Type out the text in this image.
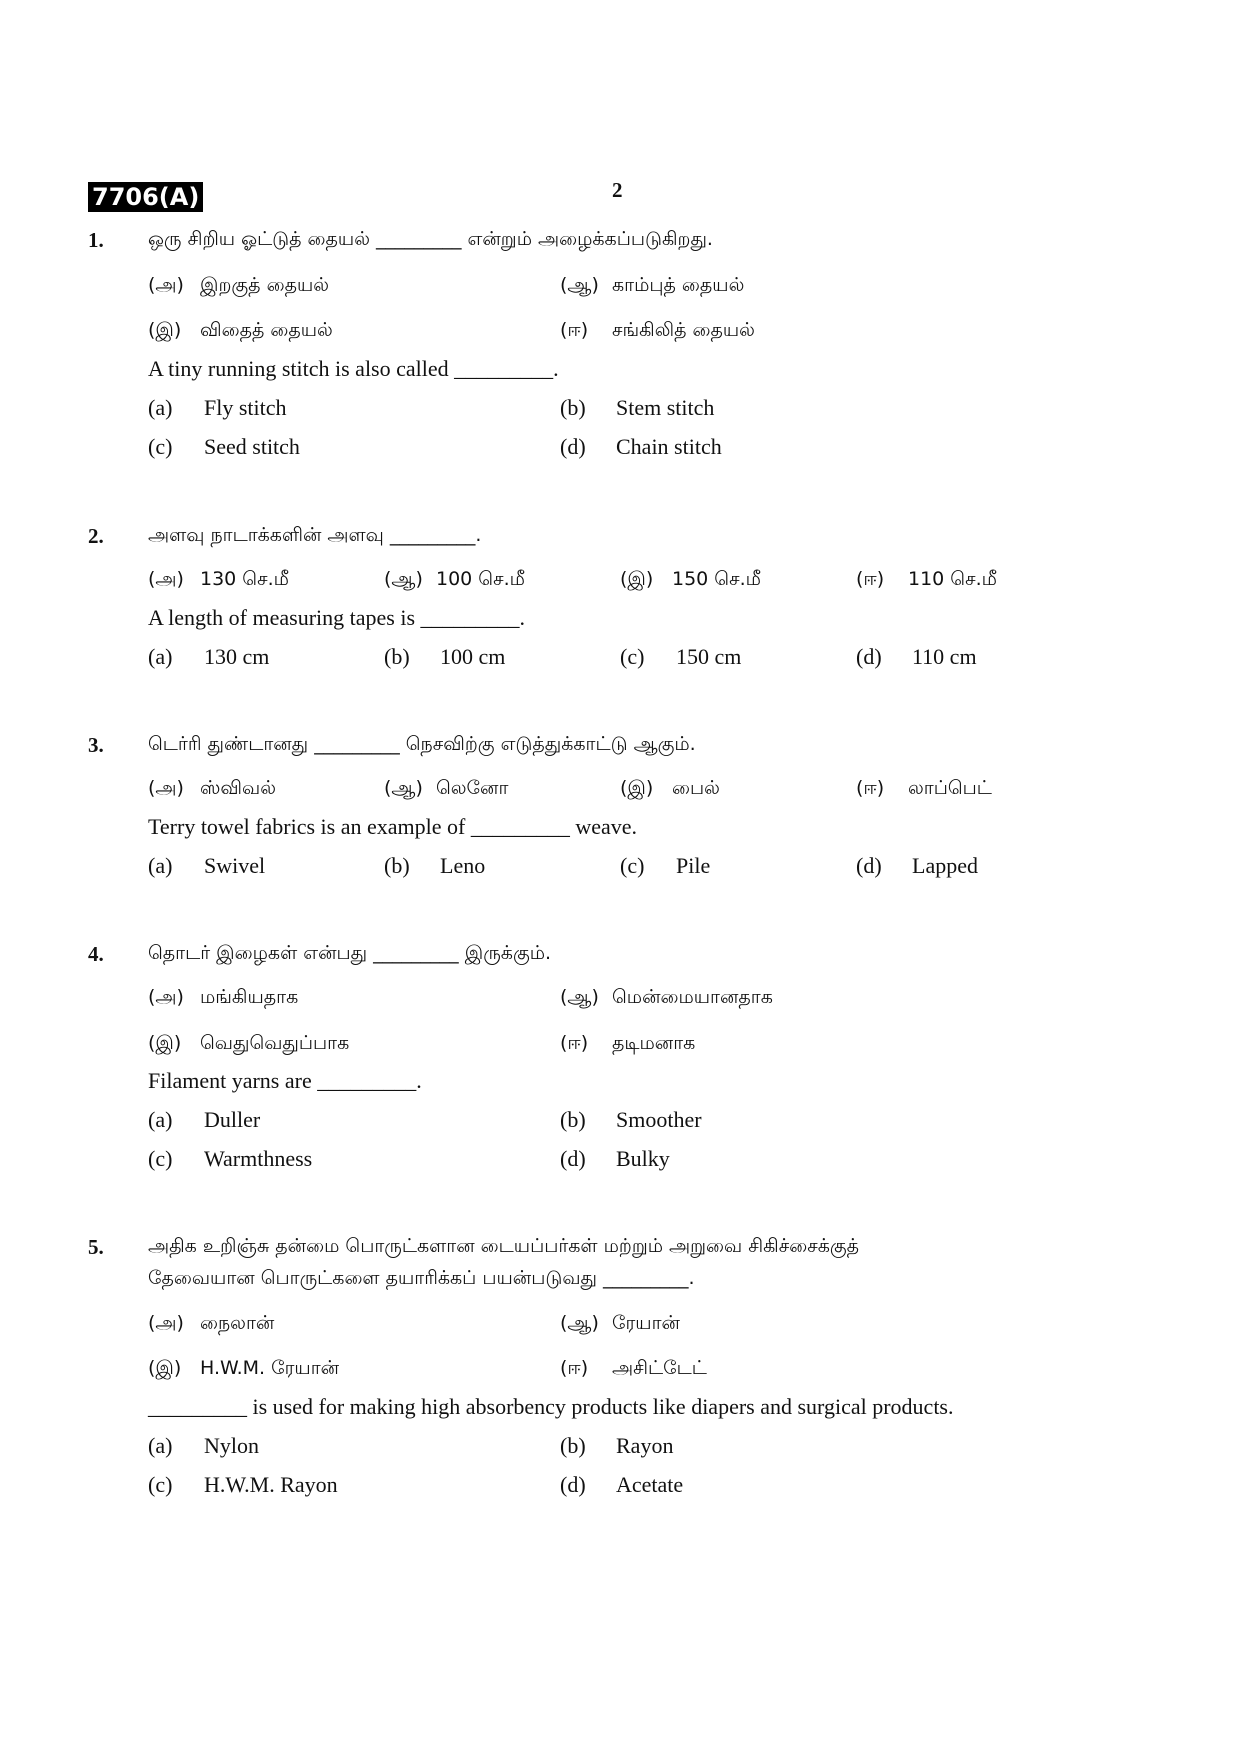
7706(A)	2
1. ஒரு சிறிய ஓட்டுத் தையல் _________ என்றும் அழைக்கப்படுகிறது.
(அ) இறகுத் தையல்	(ஆ) காம்புத் தையல்
(இ) விதைத் தையல்	(ஈ) சங்கிலித் தையல்
A tiny running stitch is also called _________.
(a) Fly stitch	(b) Stem stitch
(c) Seed stitch	(d) Chain stitch
2. அளவு நாடாக்களின் அளவு _________.
(அ) 130 செ.மீ	(ஆ) 100 செ.மீ	(இ) 150 செ.மீ	(ஈ) 110 செ.மீ
A length of measuring tapes is _________.
(a) 130 cm	(b) 100 cm	(c) 150 cm	(d) 110 cm
3. டெர்ரி துண்டானது _________ நெசவிற்கு எடுத்துக்காட்டு ஆகும்.
(அ) ஸ்விவல்	(ஆ) லெனோ	(இ) பைல்	(ஈ) லாப்பெட்
Terry towel fabrics is an example of _________ weave.
(a) Swivel	(b) Leno	(c) Pile	(d) Lapped
4. தொடர் இழைகள் என்பது _________ இருக்கும்.
(அ) மங்கியதாக	(ஆ) மென்மையானதாக
(இ) வெதுவெதுப்பாக	(ஈ) தடிமனாக
Filament yarns are _________.
(a) Duller	(b) Smoother
(c) Warmthness	(d) Bulky
5. அதிக உறிஞ்சு தன்மை பொருட்களான டையப்பர்கள் மற்றும் அறுவை சிகிச்சைக்குத்
தேவையான பொருட்களை தயாரிக்கப் பயன்படுவது _________.
(அ) நைலான்	(ஆ) ரேயான்
(இ) H.W.M. ரேயான்	(ஈ) அசிட்டேட்
_________ is used for making high absorbency products like diapers and surgical products.
(a) Nylon	(b) Rayon
(c) H.W.M. Rayon	(d) Acetate
